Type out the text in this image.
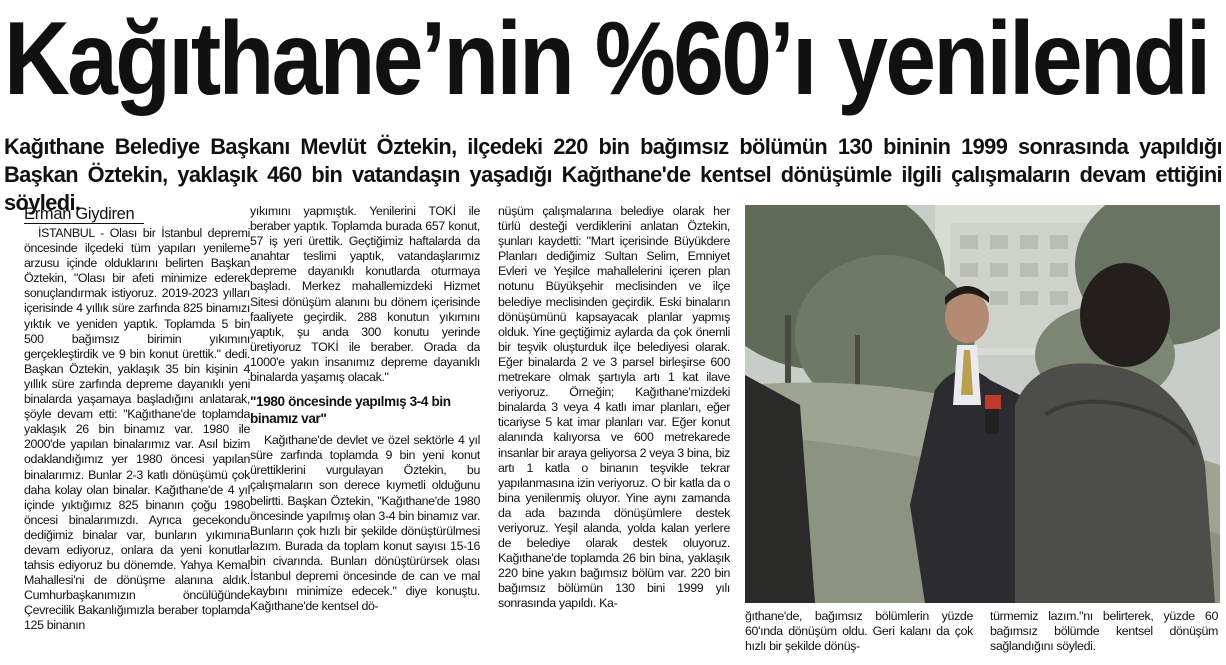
Kağıthane’nin %60’ı yenilendi
Kağıthane Belediye Başkanı Mevlüt Öztekin, ilçedeki 220 bin bağımsız bölümün 130 bininin 1999 sonrasında yapıldığı Başkan Öztekin, yaklaşık 460 bin vatandaşın yaşadığı Kağıthane'de kentsel dönüşümle ilgili çalışmaların devam ettiğini söyledi.
Erman Giydiren

İSTANBUL - Olası bir İstanbul depremi öncesinde ilçedeki tüm yapıları yenileme arzusu içinde olduklarını belirten Başkan Öztekin, "Olası bir afeti minimize ederek sonuçlandırmak istiyoruz. 2019-2023 yılları içerisinde 4 yıllık süre zarfında 825 binamızı yıktık ve yeniden yaptık. Toplamda 5 bin 500 bağımsız birimin yıkımını gerçekleştirdik ve 9 bin konut ürettik." dedi. Başkan Öztekin, yaklaşık 35 bin kişinin 4 yıllık süre zarfında depreme dayanıklı yeni binalarda yaşamaya başladığını anlatarak, şöyle devam etti: "Kağıthane'de toplamda yaklaşık 26 bin binamız var. 1980 ile 2000'de yapılan binalarımız var. Asıl bizim odaklandığımız yer 1980 öncesi yapılan binalarımız. Bunlar 2-3 katlı dönüşümü çok daha kolay olan binalar. Kağıthane'de 4 yıl içinde yıktığımız 825 binanın çoğu 1980 öncesi binalarımızdı. Ayrıca gecekondu dediğimiz binalar var, bunların yıkımına devam ediyoruz, onlara da yeni konutlar tahsis ediyoruz bu dönemde. Yahya Kemal Mahallesi'ni de dönüşme alanına aldık. Cumhurbaşkanımızın öncülüğünde Çevrecilik Bakanlığımızla beraber toplamda 125 binanın

yıkımını yapmıştık. Yenilerini TOKİ ile beraber yaptık. Toplamda burada 657 konut, 57 iş yeri ürettik. Geçtiğimiz haftalarda da anahtar teslimi yaptık, vatandaşlarımız depreme dayanıklı konutlarda oturmaya başladı. Merkez mahallemizdeki Hizmet Sitesi dönüşüm alanını bu dönem içerisinde faaliyete geçirdik. 288 konutun yıkımını yaptık, şu anda 300 konutu yerinde üretiyoruz TOKİ ile beraber. Orada da 1000'e yakın insanımız depreme dayanıklı binalarda yaşamış olacak."

"1980 öncesinde yapılmış 3-4 bin binamız var"

Kağıthane'de devlet ve özel sektörle 4 yıl süre zarfında toplamda 9 bin yeni konut ürettiklerini vurgulayan Öztekin, bu çalışmaların son derece kıymetli olduğunu belirtti. Başkan Öztekin, "Kağıthane'de 1980 öncesinde yapılmış olan 3-4 bin binamız var. Bunların çok hızlı bir şekilde dönüştürülmesi lazım. Burada da toplam konut sayısı 15-16 bin civarında. Bunları dönüştürürsek olası İstanbul depremi öncesinde de can ve mal kaybını minimize edecek." diye konuştu. Kağıthane'de kentsel dö-

nüşüm çalışmalarına belediye olarak her türlü desteği verdiklerini anlatan Öztekin, şunları kaydetti: "Mart içerisinde Büyükdere Planları dediğimiz Sultan Selim, Emniyet Evleri ve Yeşilce mahallelerini içeren plan notunu Büyükşehir meclisinden ve ilçe belediye meclisinden geçirdik. Eski binaların dönüşümünü kapsayacak planlar yapmış olduk. Yine geçtiğimiz aylarda da çok önemli bir teşvik oluşturduk ilçe belediyesi olarak. Eğer binalarda 2 ve 3 parsel birleşirse 600 metrekare olmak şartıyla artı 1 kat ilave veriyoruz. Örneğin; Kağıthane'mizdeki binalarda 3 veya 4 katlı imar planları, eğer ticariyse 5 kat imar planları var. Eğer konut alanında kalıyorsa ve 600 metrekarede insanlar bir araya geliyorsa 2 veya 3 bina, biz artı 1 katla o binanın teşvikle tekrar yapılanmasına izin veriyoruz. O bir katla da o bina yenilenmiş oluyor. Yine aynı zamanda da ada bazında dönüşümlere destek veriyoruz. Yeşil alanda, yolda kalan yerlere de belediye olarak destek oluyoruz. Kağıthane'de toplamda 26 bin bina, yaklaşık 220 bine yakın bağımsız bölüm var. 220 bin bağımsız bölümün 130 bini 1999 yılı sonrasında yapıldı. Ka-

ğıthane'de, bağımsız bölümlerin yüzde 60'ında dönüşüm oldu. Geri kalanı da çok hızlı bir şekilde dönüş-

türmemiz lazım."nı belirterek, yüzde 60 bağımsız bölümde kentsel dönüşüm sağlandığını söyledi.
